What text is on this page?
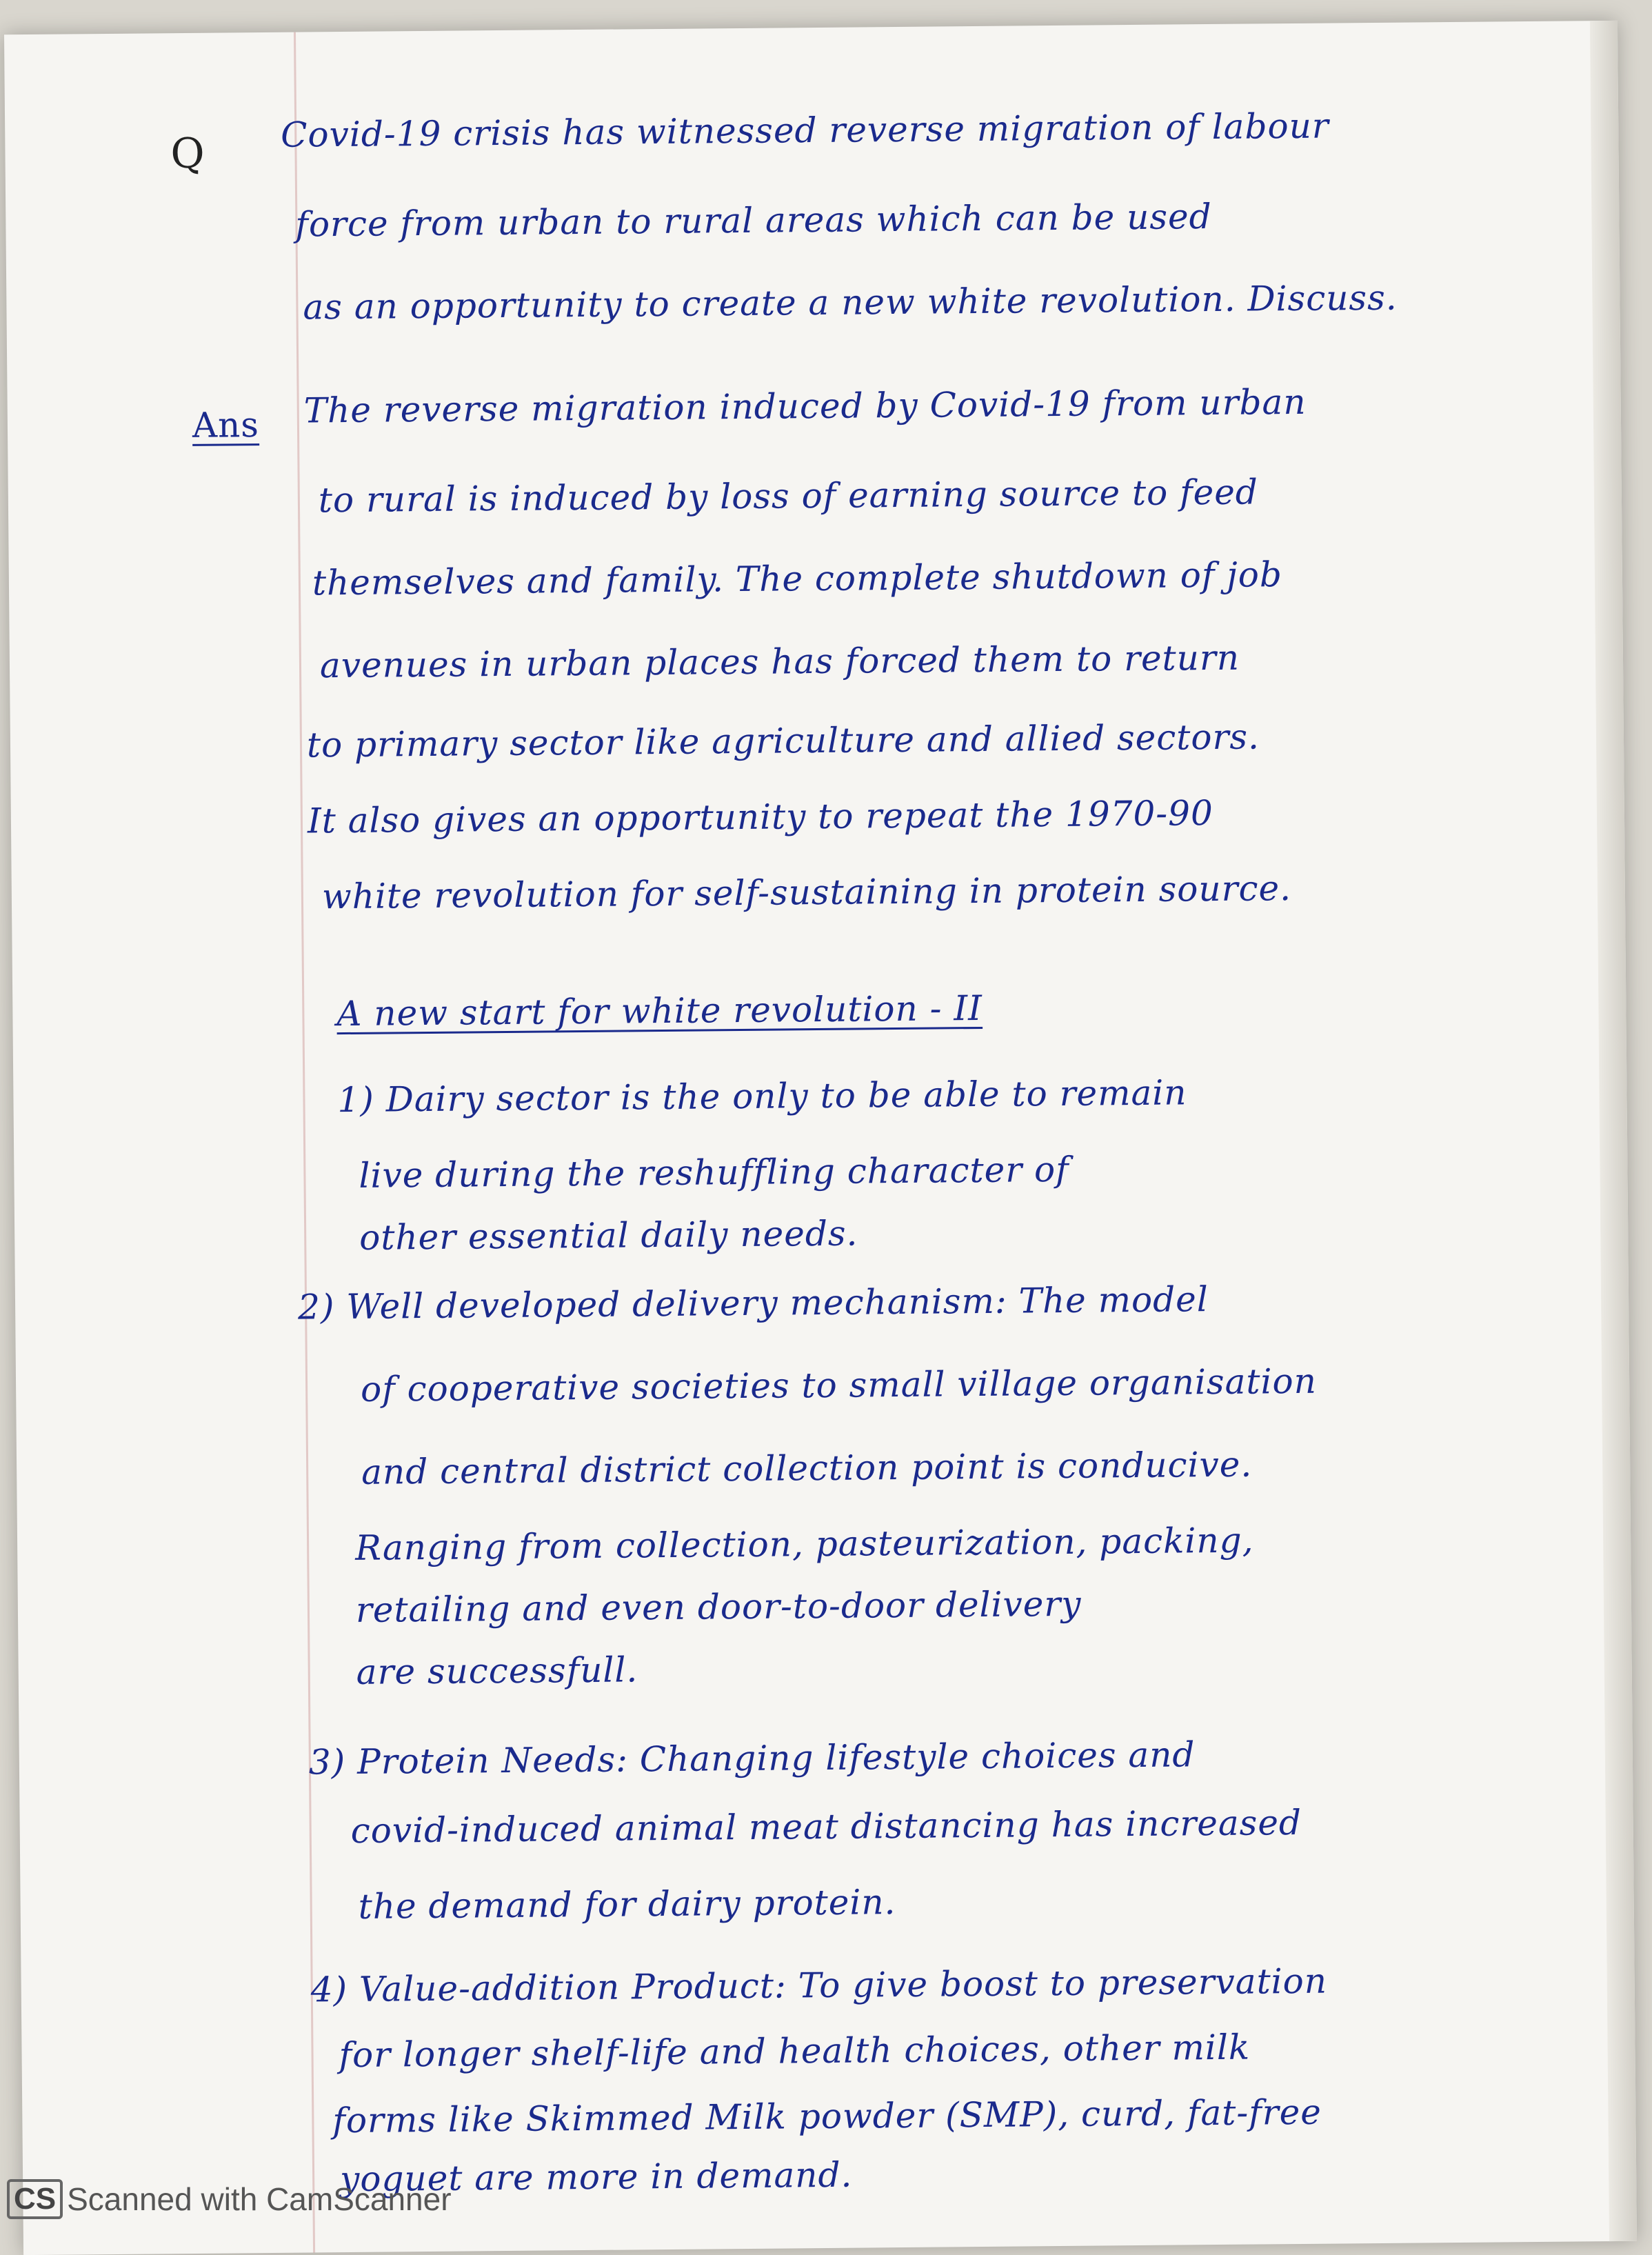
Q Covid-19 crisis has witnessed reverse migration of labour
force from urban to rural areas which can be used
as an opportunity to create a new white revolution. Discuss.
Ans The reverse migration induced by Covid-19 from urban
to rural is induced by loss of earning source to feed
themselves and family. The complete shutdown of job
avenues in urban places has forced them to return
to primary sector like agriculture and allied sectors.
It also gives an opportunity to repeat the 1970-90
white revolution for self-sustaining in protein source.
A new start for white revolution - II
1) Dairy sector is the only to be able to remain
live during the reshuffling character of
other essential daily needs.
2) Well developed delivery mechanism: The model
of cooperative societies to small village organisation
and central district collection point is conducive.
Ranging from collection, pasteurization, packing,
retailing and even door-to-door delivery
are successfull.
3) Protein Needs: Changing lifestyle choices and
covid-induced animal meat distancing has increased
the demand for dairy protein.
4) Value-addition Product: To give boost to preservation
for longer shelf-life and health choices, other milk
forms like Skimmed Milk powder (SMP), curd, fat-free
yoguet are more in demand.
CS Scanned with CamScanner
